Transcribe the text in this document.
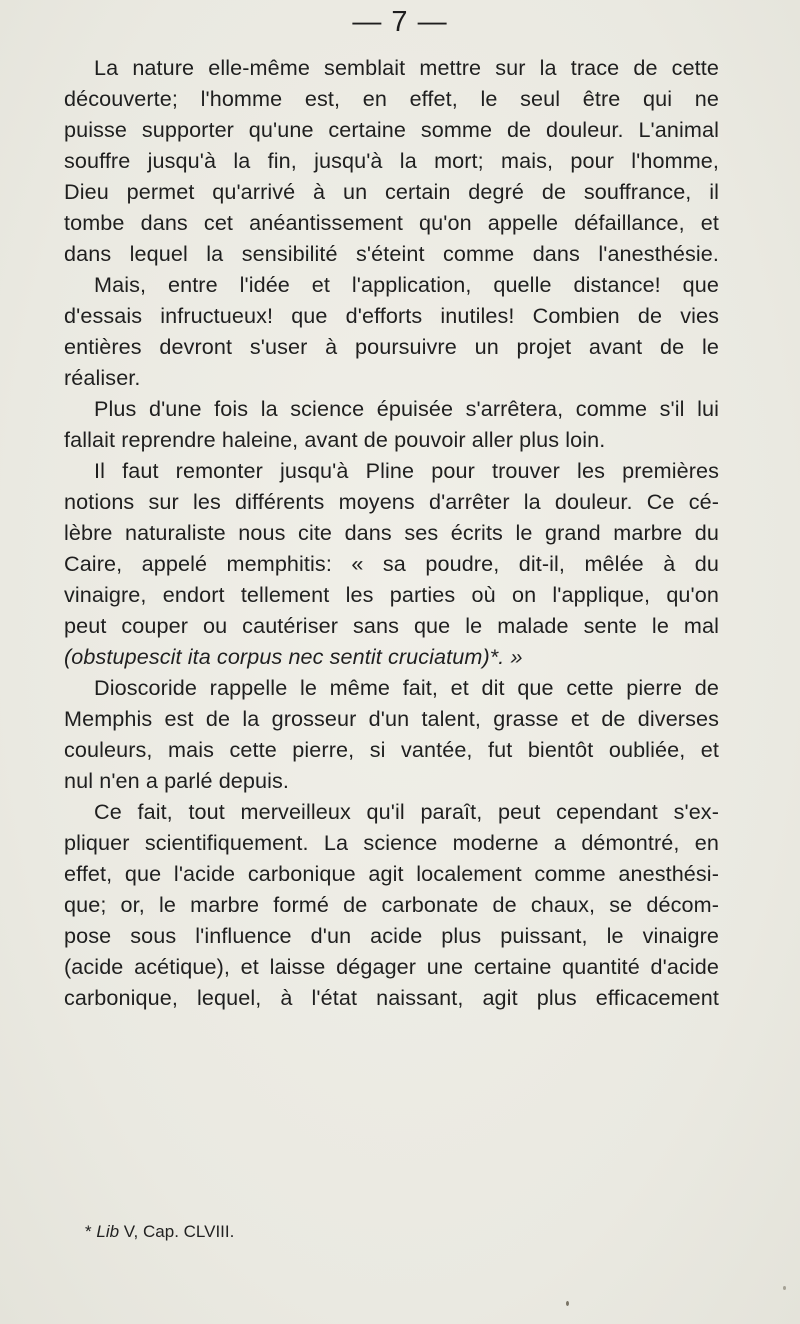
— 7 —
La nature elle-même semblait mettre sur la trace de cette
découverte; l'homme est, en effet, le seul être qui ne
puisse supporter qu'une certaine somme de douleur. L'animal
souffre jusqu'à la fin, jusqu'à la mort; mais, pour l'homme,
Dieu permet qu'arrivé à un certain degré de souffrance, il
tombe dans cet anéantissement qu'on appelle défaillance, et
dans lequel la sensibilité s'éteint comme dans l'anesthésie.
Mais, entre l'idée et l'application, quelle distance! que
d'essais infructueux! que d'efforts inutiles! Combien de vies
entières devront s'user à poursuivre un projet avant de le
réaliser.
Plus d'une fois la science épuisée s'arrêtera, comme s'il lui
fallait reprendre haleine, avant de pouvoir aller plus loin.
Il faut remonter jusqu'à Pline pour trouver les premières
notions sur les différents moyens d'arrêter la douleur. Ce cé-
lèbre naturaliste nous cite dans ses écrits le grand marbre du
Caire, appelé memphitis: « sa poudre, dit-il, mêlée à du
vinaigre, endort tellement les parties où on l'applique, qu'on
peut couper ou cautériser sans que le malade sente le mal
(obstupescit ita corpus nec sentit cruciatum)*. »
Dioscoride rappelle le même fait, et dit que cette pierre de
Memphis est de la grosseur d'un talent, grasse et de diverses
couleurs, mais cette pierre, si vantée, fut bientôt oubliée, et
nul n'en a parlé depuis.
Ce fait, tout merveilleux qu'il paraît, peut cependant s'ex-
pliquer scientifiquement. La science moderne a démontré, en
effet, que l'acide carbonique agit localement comme anesthési-
que; or, le marbre formé de carbonate de chaux, se décom-
pose sous l'influence d'un acide plus puissant, le vinaigre
(acide acétique), et laisse dégager une certaine quantité d'acide
carbonique, lequel, à l'état naissant, agit plus efficacement
* Lib V, Cap. CLVIII.
